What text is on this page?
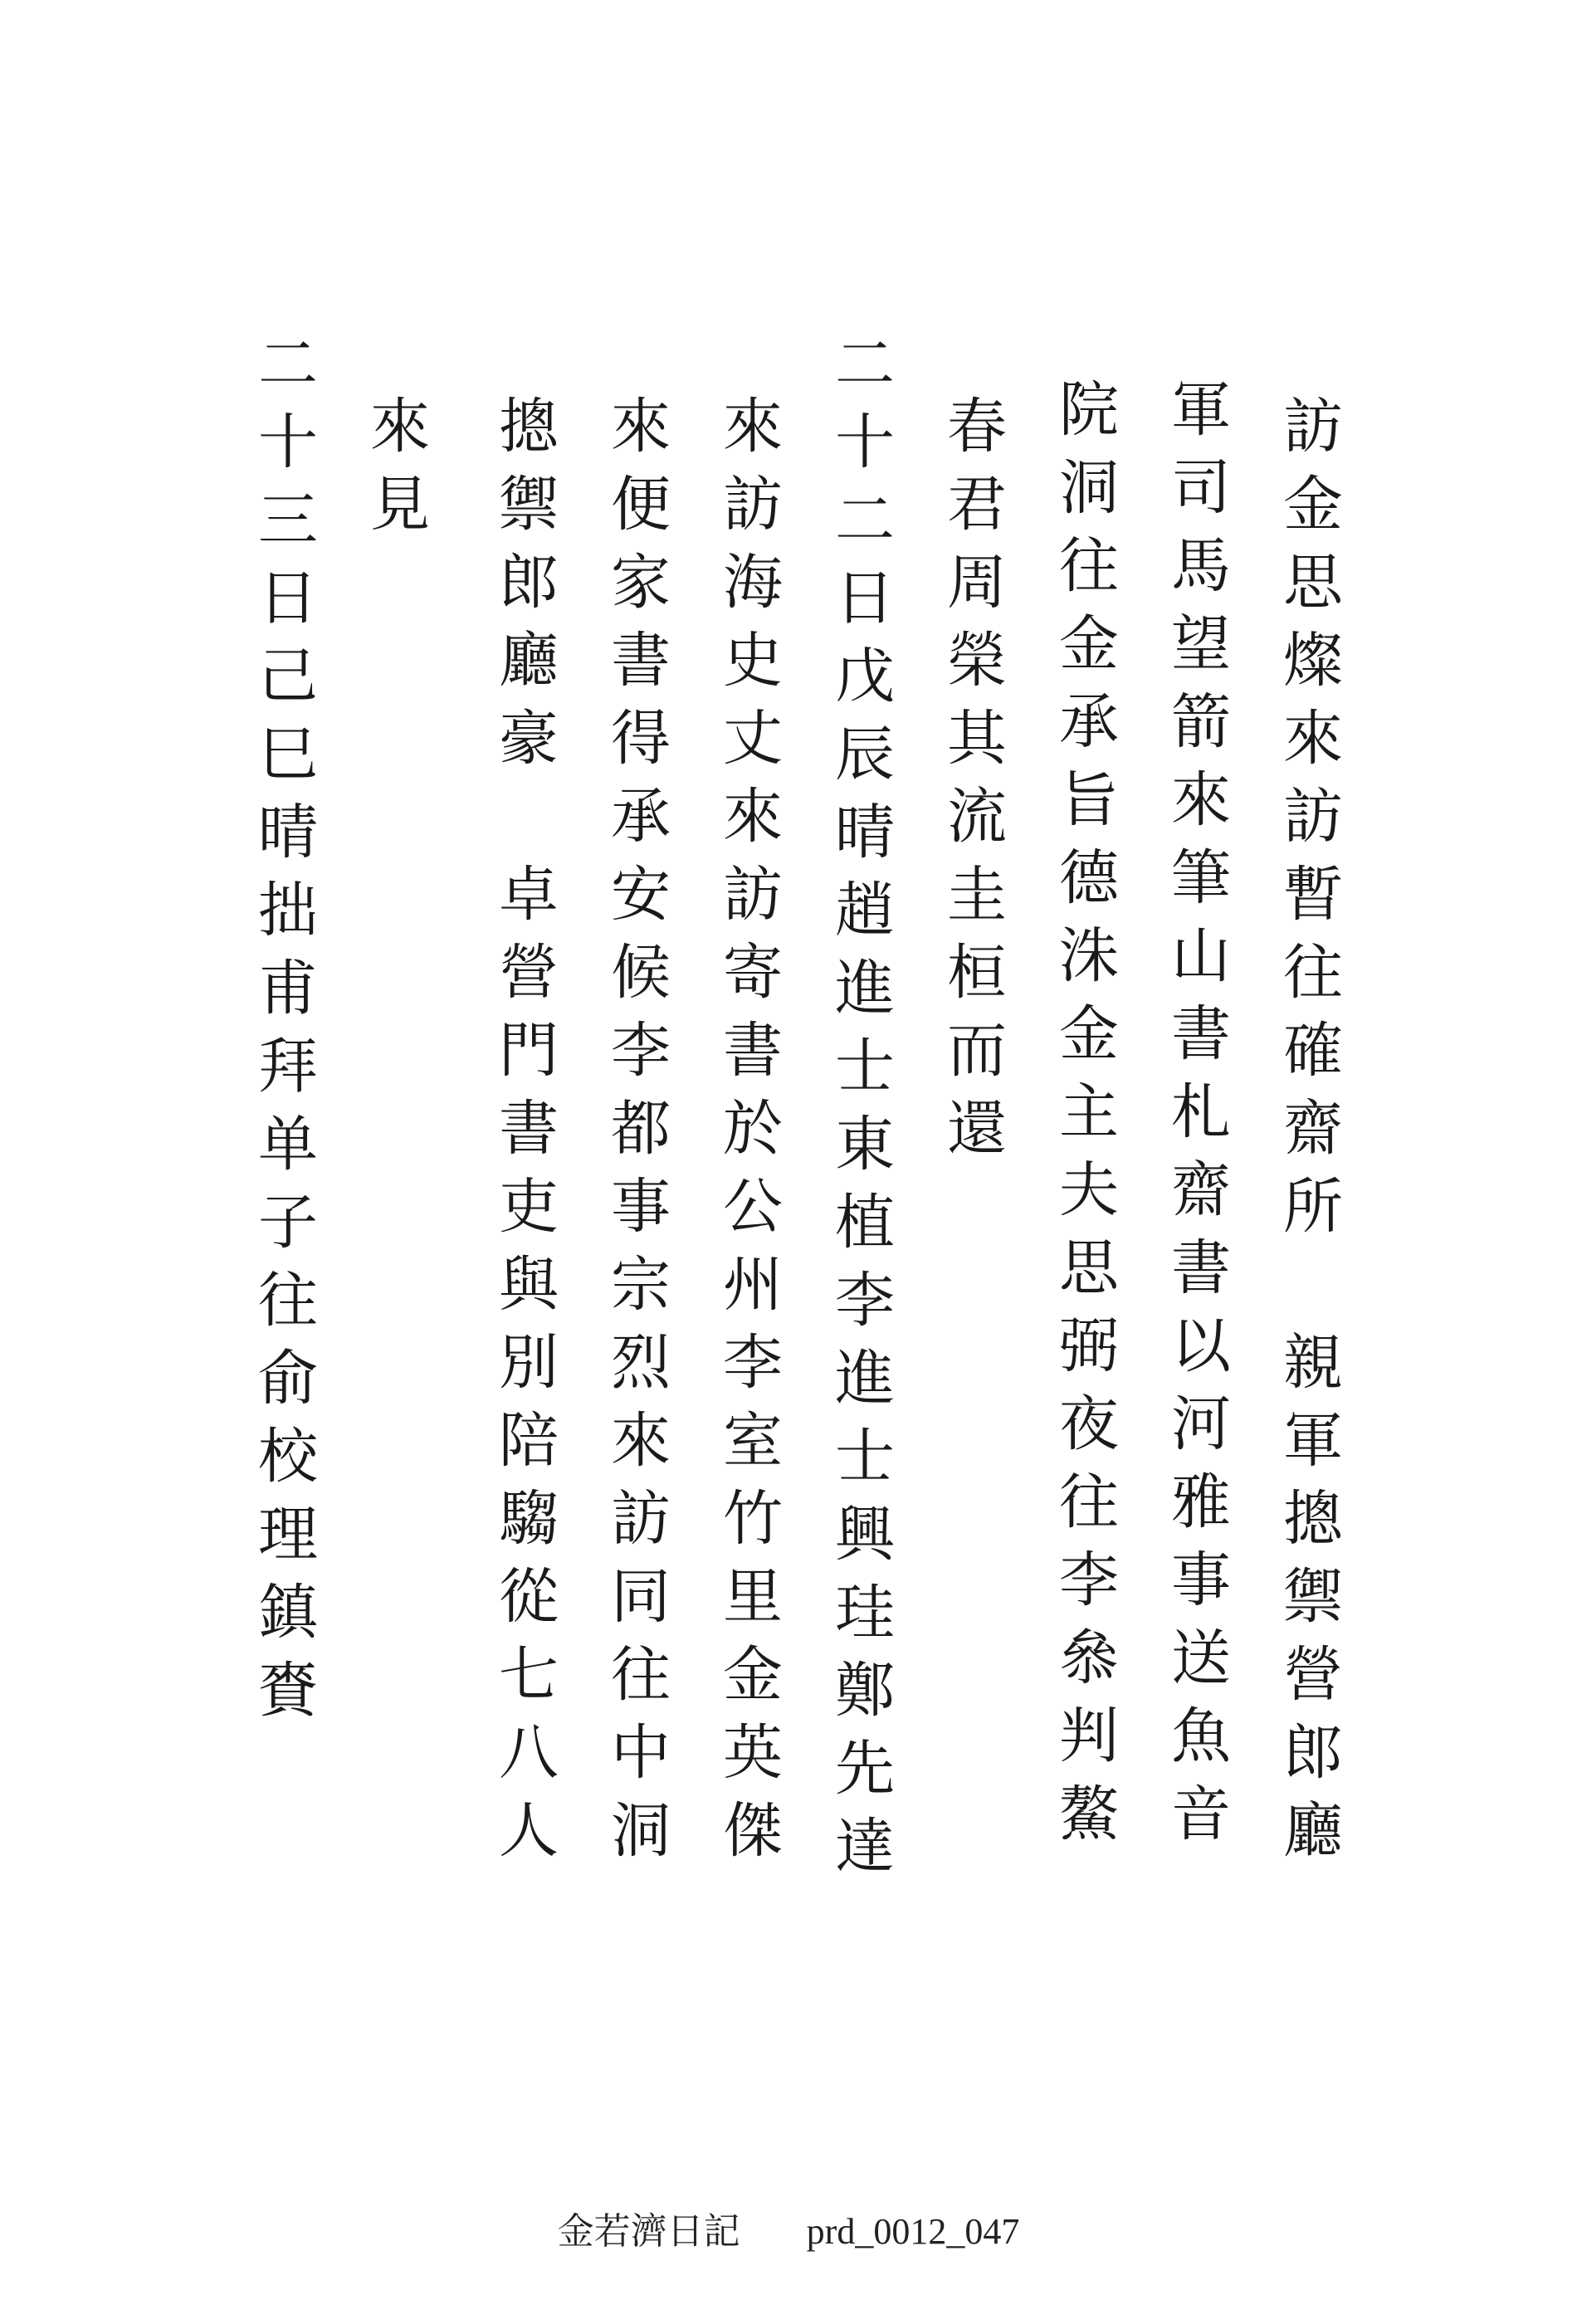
訪金思燦來訪暫往確齋所　親軍摠禦營郎廳
軍司馬望箭來筆山書札齋書以河雅事送魚音
院洞往金承旨德洙金主夫思弼夜往李叅判鰲
春君周榮其流圭桓而還
二十二日戊辰晴趙進士東植李進士興珪鄭先達
來訪海史丈來訪寄書於公州李室竹里金英傑
來便家書得承安候李都事宗烈來訪同往中洞
摠禦郎廳豪　卓營門書吏與別陪騶從七八人
來見
二十三日己巳晴拙甫拜单子往俞校理鎮賚
金若濟日記 prd_0012_047
